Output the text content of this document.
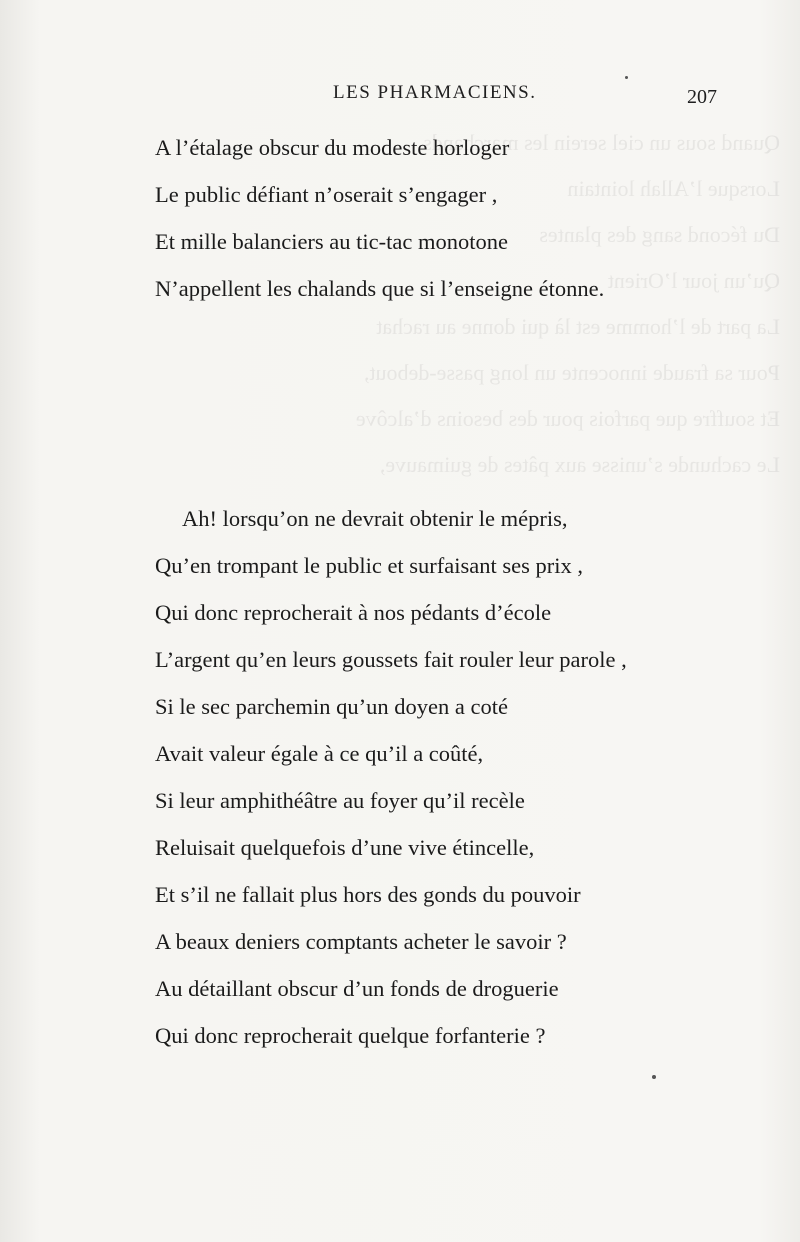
Quand sous un ciel serein les marchands
Lorsque l’Allah lointain
Du fécond sang des plantes
Qu’un jour l’Orient
La part de l’homme est là qui donne au rachat
Pour sa fraude innocente un long passe-debout,
Et souffre que parfois pour des besoins d’alcôve
Le cachunde s’unisse aux pâtes de guimauve,
LES PHARMACIENS.	207
A l’étalage obscur du modeste horloger
Le public défiant n’oserait s’engager ,
Et mille balanciers au tic-tac monotone
N’appellent les chalands que si l’enseigne étonne.
Ah! lorsqu’on ne devrait obtenir le mépris,
Qu’en trompant le public et surfaisant ses prix ,
Qui donc reprocherait à nos pédants d’école
L’argent qu’en leurs goussets fait rouler leur parole ,
Si le sec parchemin qu’un doyen a coté
Avait valeur égale à ce qu’il a coûté,
Si leur amphithéâtre au foyer qu’il recèle
Reluisait quelquefois d’une vive étincelle,
Et s’il ne fallait plus hors des gonds du pouvoir
A beaux deniers comptants acheter le savoir ?
Au détaillant obscur d’un fonds de droguerie
Qui donc reprocherait quelque forfanterie ?
